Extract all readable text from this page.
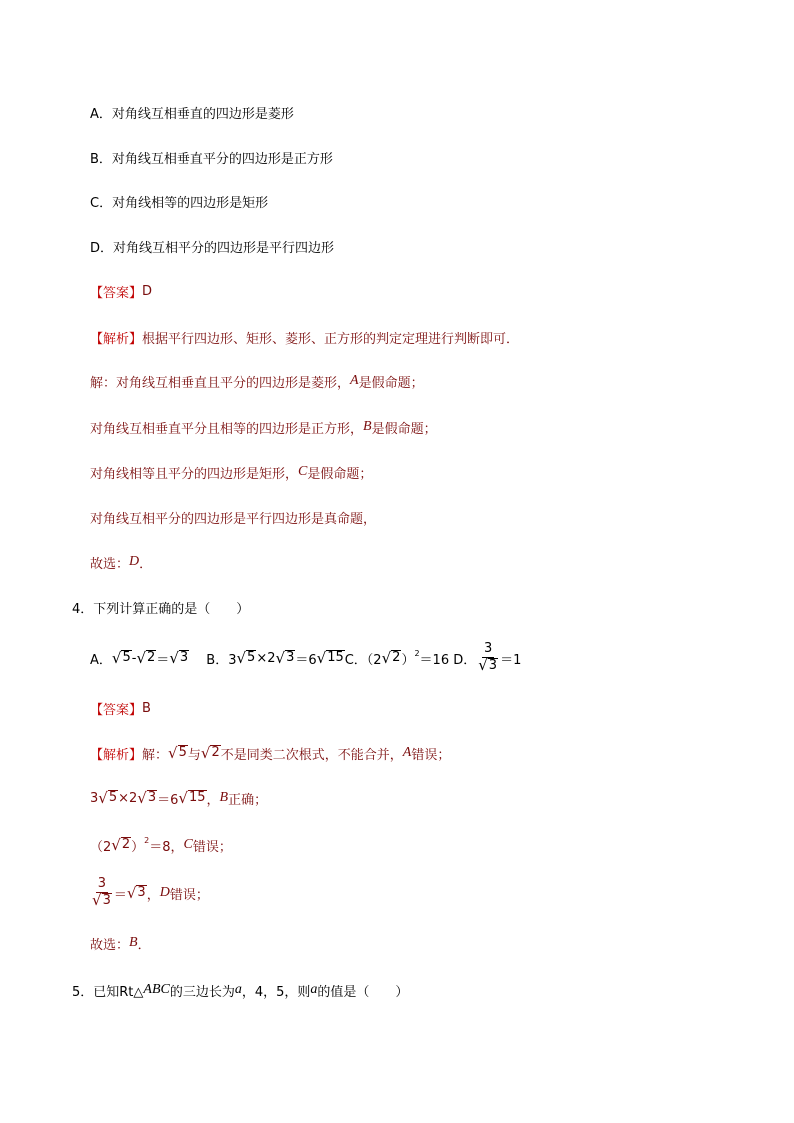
A．对角线互相垂直的四边形是菱形
B．对角线互相垂直平分的四边形是正方形
C．对角线相等的四边形是矩形
D．对角线互相平分的四边形是平行四边形
【答案】 D
【解析】 根据平行四边形、矩形、菱形、正方形的判定定理进行判断即可．
解：对角线互相垂直且平分的四边形是菱形， A 是假命题；
对角线互相垂直平分且相等的四边形是正方形， B 是假命题；
对角线相等且平分的四边形是矩形， C 是假命题；
对角线互相平分的四边形是平行四边形是真命题，
故选： D ．
4．下列计算正确的是（　　）
A． √ 5 - √ 2 ＝ √ 3 　 B．3 √ 5 ×2 √ 3 ＝6 √ 15 C．（2 √ 2 ） 2 ＝16 D． $\frac{3}{√ 3} =1$
【答案】 B
【解析】 解： √ 5 与 √ 2 不是同类二次根式，不能合并， A 错误；
3 √ 5 ×2 √ 3 ＝6 √ 15 ， B 正确；
（2 √ 2 ） 2 ＝8， C 错误；
$\frac{3}{√ 3}$ ＝ √ 3 ， D 错误；
故选： B ．
5．已知Rt△ ABC 的三边长为 a ，4，5，则 a 的值是（　　）
